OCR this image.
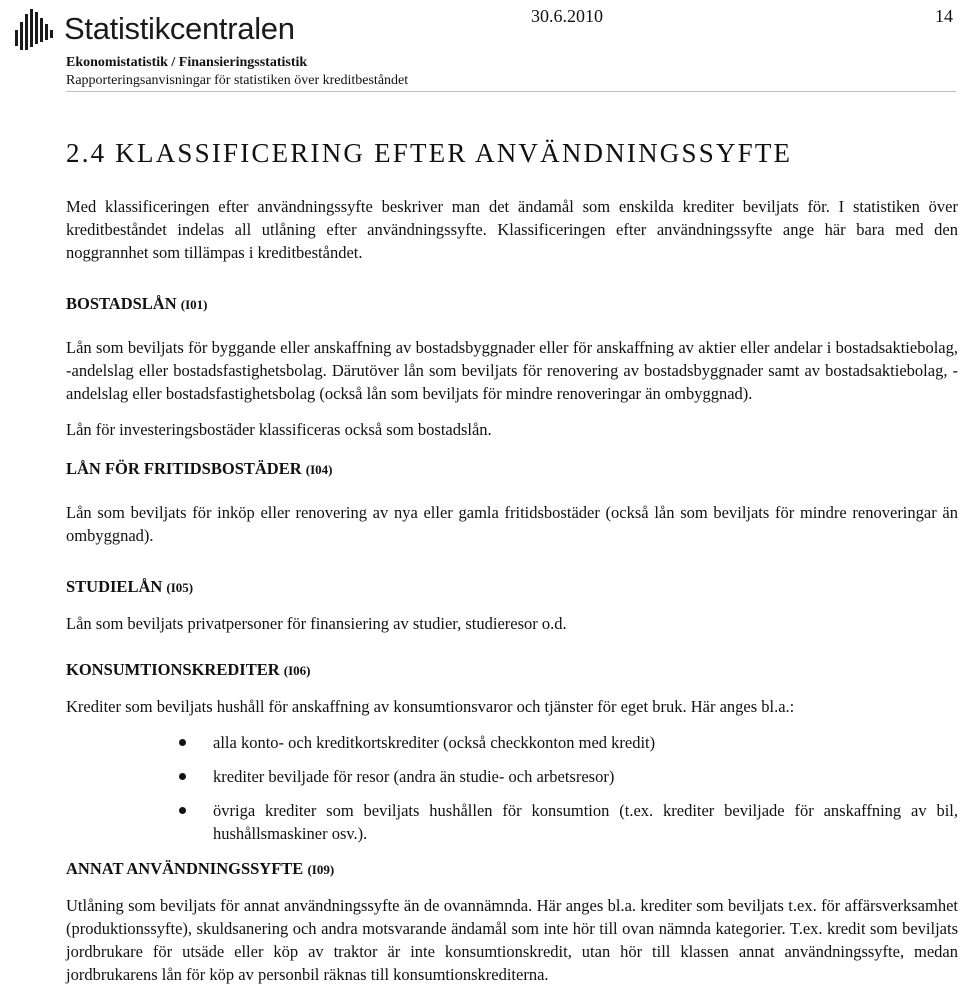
Statistikcentralen	30.6.2010	14
Ekonomistatistik / Finansieringsstatistik
Rapporteringsanvisningar för statistiken över kreditbeståndet
2.4 KLASSIFICERING EFTER ANVÄNDNINGSSYFTE

Med klassificeringen efter användningssyfte beskriver man det ändamål som enskilda krediter beviljats för. I statistiken över kreditbeståndet indelas all utlåning efter användningssyfte. Klassificeringen efter användningssyfte ange här bara med den noggrannhet som tillämpas i kreditbeståndet.

BOSTADSLÅN (I01)

Lån som beviljats för byggande eller anskaffning av bostadsbyggnader eller för anskaffning av aktier eller andelar i bostadsaktiebolag, -andelslag eller bostadsfastighetsbolag. Därutöver lån som beviljats för renovering av bostadsbyggnader samt av bostadsaktiebolag, -andelslag eller bostadsfastighetsbolag (också lån som beviljats för mindre renoveringar än ombyggnad).

Lån för investeringsbostäder klassificeras också som bostadslån.

LÅN FÖR FRITIDSBOSTÄDER (I04)

Lån som beviljats för inköp eller renovering av nya eller gamla fritidsbostäder (också lån som beviljats för mindre renoveringar än ombyggnad).

STUDIELÅN (I05)

Lån som beviljats privatpersoner för finansiering av studier, studieresor o.d.

KONSUMTIONSKREDITER (I06)

Krediter som beviljats hushåll för anskaffning av konsumtionsvaror och tjänster för eget bruk. Här anges bl.a.:

alla konto- och kreditkortskrediter (också checkkonton med kredit)
krediter beviljade för resor (andra än studie- och arbetsresor)
övriga krediter som beviljats hushållen för konsumtion (t.ex. krediter beviljade för anskaffning av bil, hushållsmaskiner osv.).
ANNAT ANVÄNDNINGSSYFTE (I09)

Utlåning som beviljats för annat användningssyfte än de ovannämnda. Här anges bl.a. krediter som beviljats t.ex. för affärsverksamhet (produktionssyfte), skuldsanering och andra motsvarande ändamål som inte hör till ovan nämnda kategorier. T.ex. kredit som beviljats jordbrukare för utsäde eller köp av traktor är inte konsumtionskredit, utan hör till klassen annat användningssyfte, medan jordbrukarens lån för köp av personbil räknas till konsumtionskrediterna.
